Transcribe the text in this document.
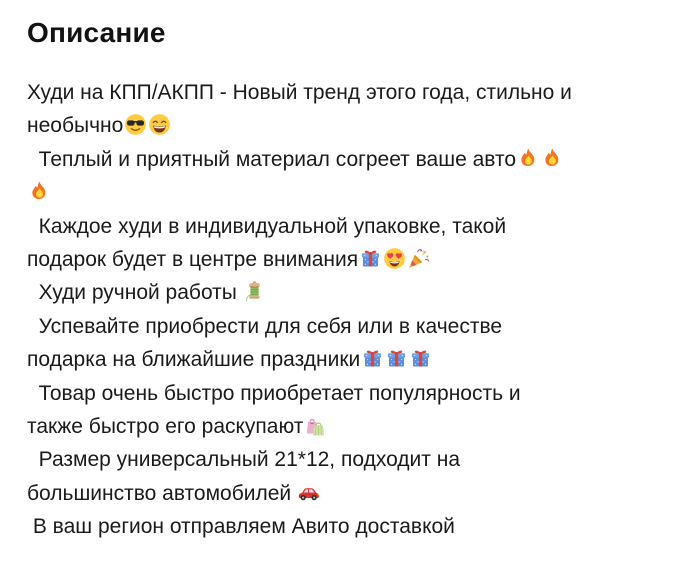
Описание
Худи на КПП/АКПП - Новый тренд этого года, стильно и
необычно
Теплый и приятный материал согреет ваше авто
Каждое худи в индивидуальной упаковке, такой
подарок будет в центре внимания
Худи ручной работы
Успевайте приобрести для себя или в качестве
подарка на ближайшие праздники
Товар очень быстро приобретает популярность и
также быстро его раскупают
Размер универсальный 21*12, подходит на
большинство автомобилей
В ваш регион отправляем Авито доставкой
